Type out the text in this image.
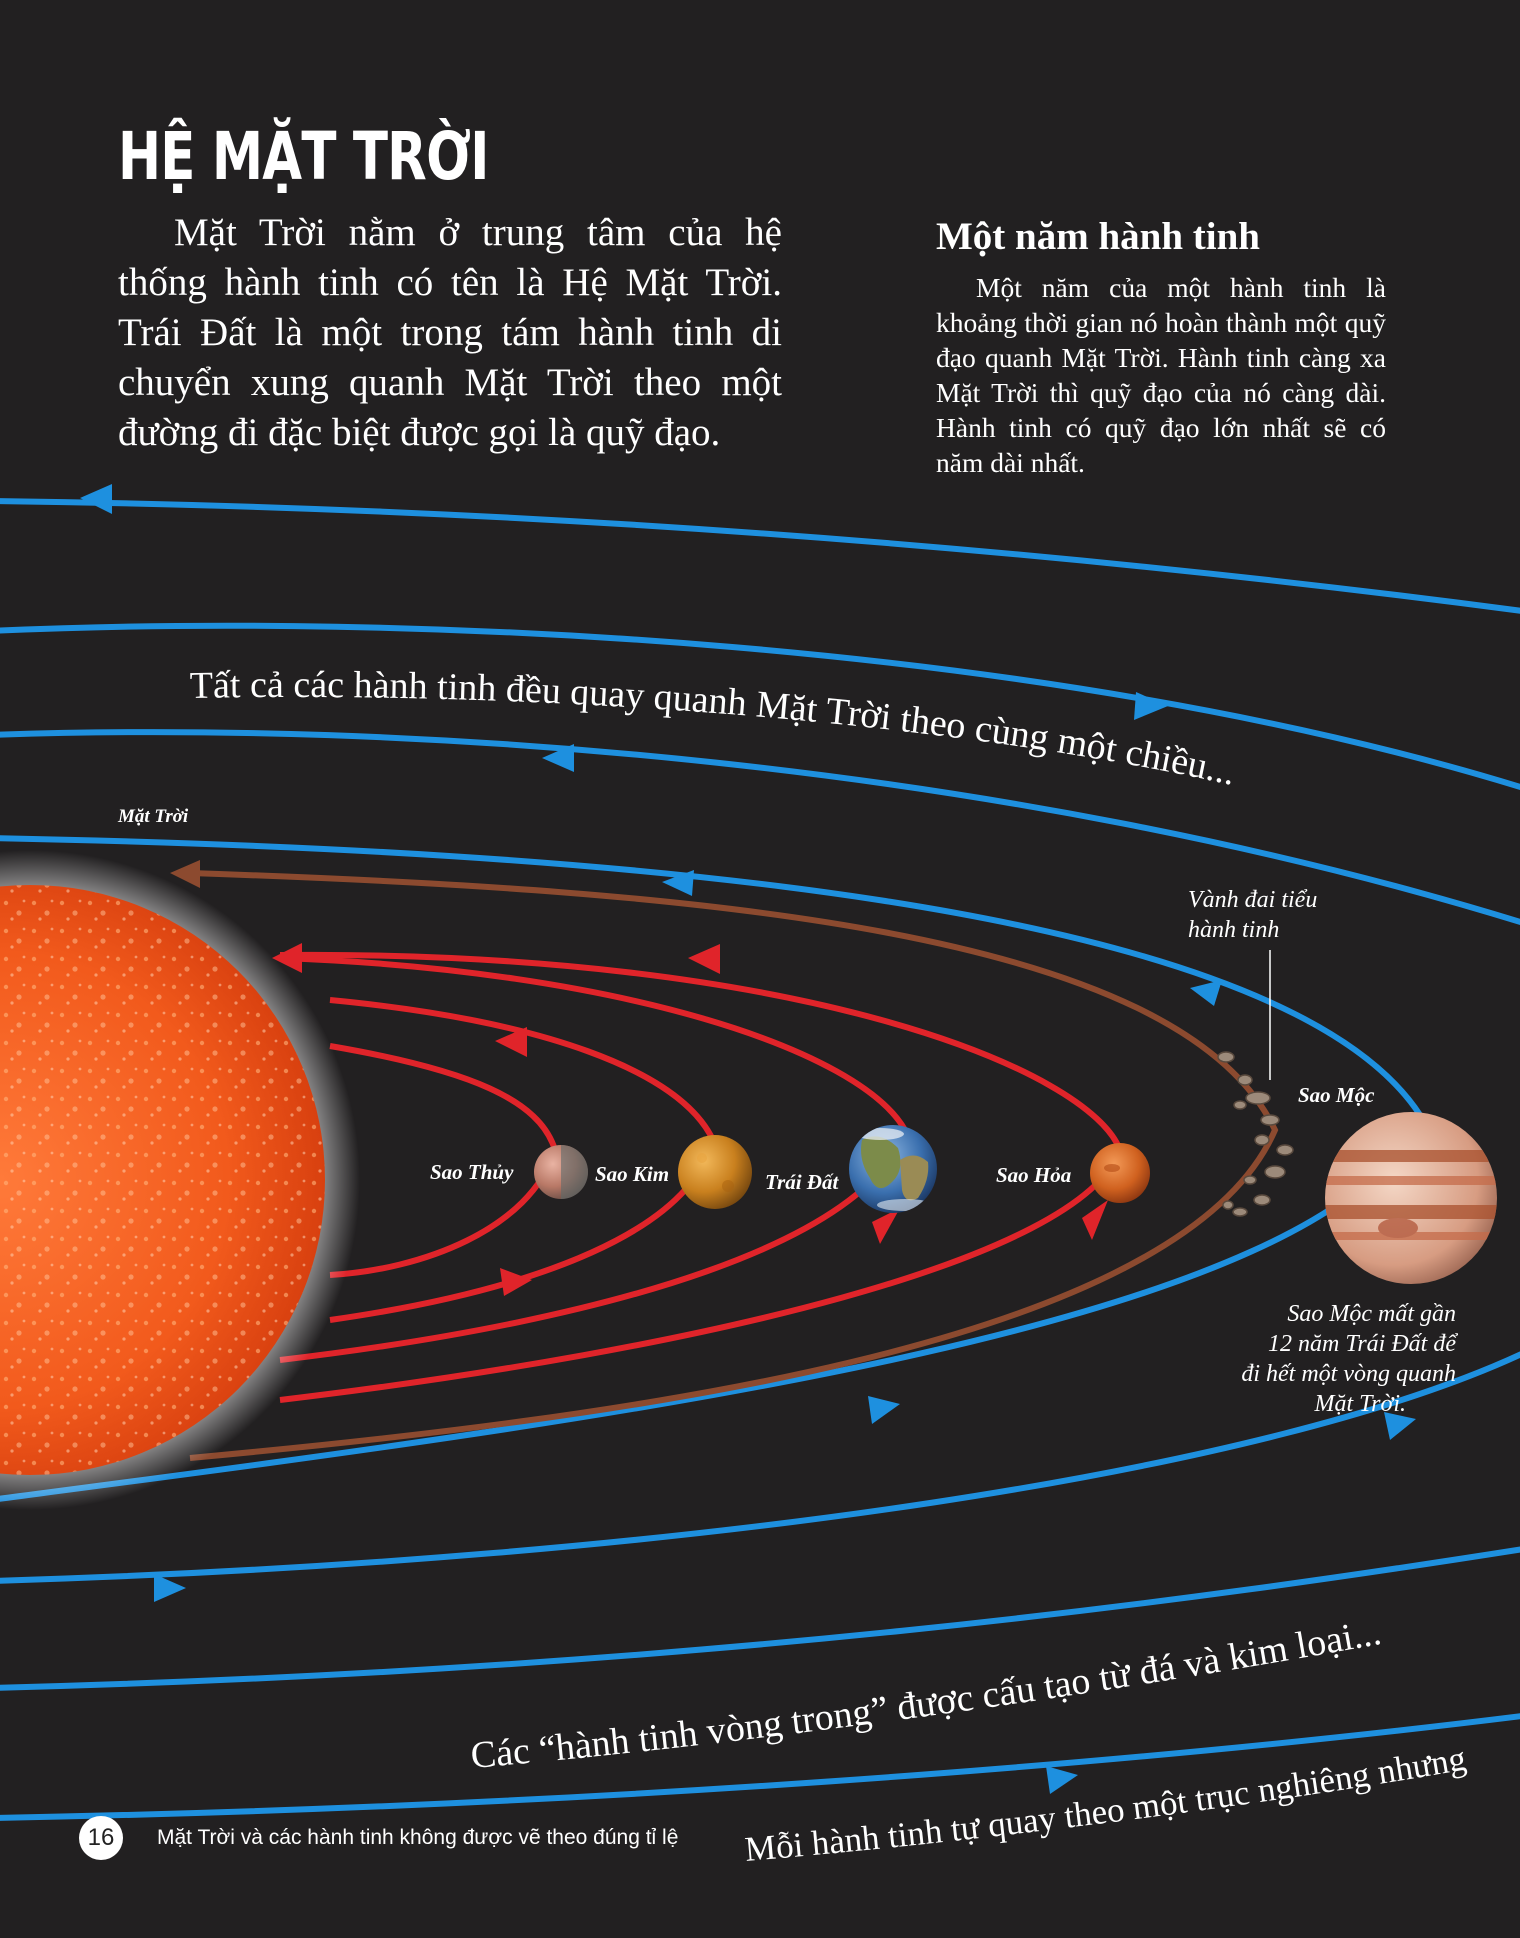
Tất cả các hành tinh đều quay quanh Mặt Trời theo cùng một chiều...
Các “hành tinh vòng trong” được cấu tạo từ đá và kim loại...
Mỗi hành tinh tự quay theo một trục nghiêng nhưng
HỆ MẶT TRỜI
Mặt Trời nằm ở trung tâm của hệ thống hành tinh có tên là Hệ Mặt Trời. Trái Đất là một trong tám hành tinh di chuyển xung quanh Mặt Trời theo một đường đi đặc biệt được gọi là quỹ đạo.
Một năm hành tinh
Một năm của một hành tinh là khoảng thời gian nó hoàn thành một quỹ đạo quanh Mặt Trời. Hành tinh càng xa Mặt Trời thì quỹ đạo của nó càng dài. Hành tinh có quỹ đạo lớn nhất sẽ có năm dài nhất.
Mặt Trời
Sao Thủy	Sao Kim	Trái Đất	Sao Hỏa
Sao Mộc
Vành đai tiểu
hành tinh
Sao Mộc mất gần
12 năm Trái Đất để
đi hết một vòng quanh
Mặt Trời.
16	Mặt Trời và các hành tinh không được vẽ theo đúng tỉ lệ
